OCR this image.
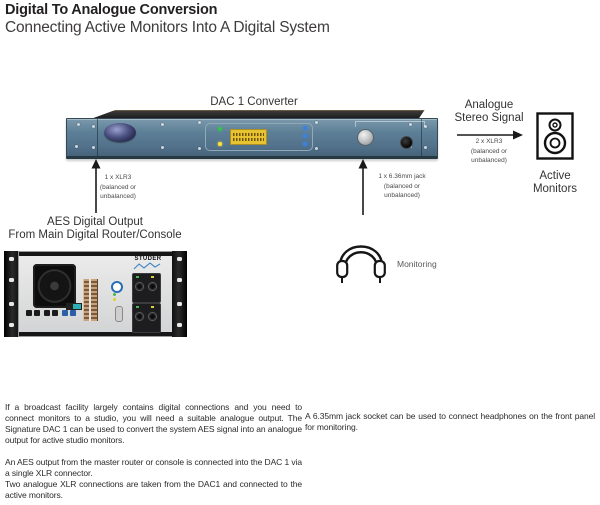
Digital To Analogue Conversion
Connecting Active Monitors Into A Digital System
DAC 1 Converter	Analogue
Stereo Signal
2 x XLR3
(balanced or
unbalanced)
Active
Monitors
1 x XLR3
(balanced or
unbalanced)
AES Digital Output
From Main Digital Router/Console
STUDER
1 x 6.36mm jack
(balanced or
unbalanced)
Monitoring
If a broadcast facility largely contains digital connections and you need to connect monitors to a studio, you will need a suitable analogue output. The Signature DAC 1 can be used to convert the system AES signal into an analogue output for active studio monitors.
An AES output from the master router or console is connected into the DAC 1 via a single XLR connector.
Two analogue XLR connections are taken from the DAC1 and connected to the active monitors.
A 6.35mm jack socket can be used to connect headphones on the front panel for monitoring.
